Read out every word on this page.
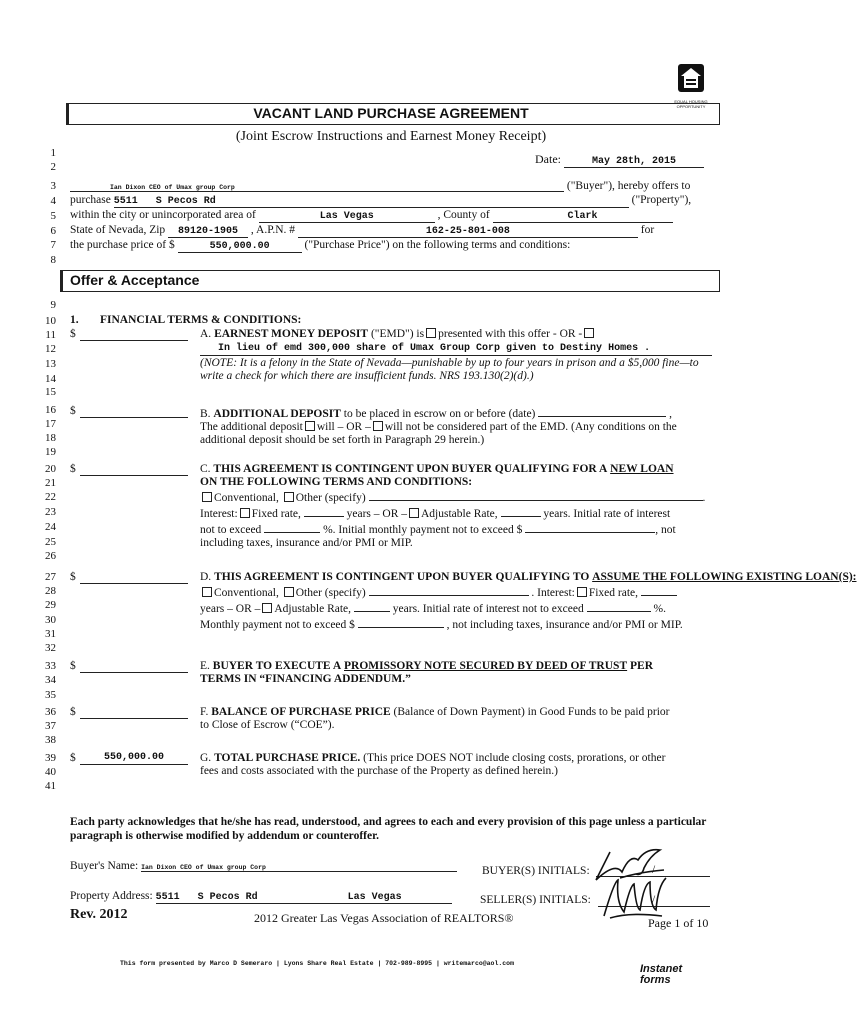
EQUAL HOUSING OPPORTUNITY
VACANT LAND PURCHASE AGREEMENT
(Joint Escrow Instructions and Earnest Money Receipt)
1
2
3
4
5
6
7
8
9
10
11
12
13
14
15
16
17
18
19
20
21
22
23
24
25
26
27
28
29
30
31
32
33
34
35
36
37
38
39
40
41
Date:	May 28th, 2015
Ian Dixon CEO of Umax group Corp	("Buyer"), hereby offers to
purchase 5511   S Pecos Rd	("Property"),
within the city or unincorporated area of	Las Vegas	, County of	Clark
State of Nevada, Zip 89120-1905 , A.P.N. #	162-25-801-008	for
the purchase price of $	550,000.00	("Purchase Price") on the following terms and conditions:
Offer & Acceptance
1. FINANCIAL TERMS & CONDITIONS:
$	A. EARNEST MONEY DEPOSIT ("EMD") is presented with this offer - OR -
In lieu of emd 300,000 share of Umax Group Corp given to Destiny Homes .
(NOTE: It is a felony in the State of Nevada—punishable by up to four years in prison and a $5,000 fine—to write a check for which there are insufficient funds. NRS 193.130(2)(d).)
$	B. ADDITIONAL DEPOSIT to be placed in escrow on or before (date)	,
The additional deposit will – OR – will not be considered part of the EMD. (Any conditions on the
additional deposit should be set forth in Paragraph 29 herein.)
$	C. THIS AGREEMENT IS CONTINGENT UPON BUYER QUALIFYING FOR A NEW LOAN
ON THE FOLLOWING TERMS AND CONDITIONS:
Conventional, Other (specify)	.
Interest: Fixed rate,	years – OR – Adjustable Rate,	years. Initial rate of interest
not to exceed	%. Initial monthly payment not to exceed $	, not
including taxes, insurance and/or PMI or MIP.
$	D. THIS AGREEMENT IS CONTINGENT UPON BUYER QUALIFYING TO ASSUME THE FOLLOWING EXISTING LOAN(S):
Conventional, Other (specify)	. Interest: Fixed rate,
years – OR – Adjustable Rate,	years. Initial rate of interest not to exceed	%.
Monthly payment not to exceed $	, not including taxes, insurance and/or PMI or MIP.
$	E. BUYER TO EXECUTE A PROMISSORY NOTE SECURED BY DEED OF TRUST PER
TERMS IN “FINANCING ADDENDUM.”
$	F. BALANCE OF PURCHASE PRICE (Balance of Down Payment) in Good Funds to be paid prior
to Close of Escrow (“COE”).
$	550,000.00	G. TOTAL PURCHASE PRICE. (This price DOES NOT include closing costs, prorations, or other
fees and costs associated with the purchase of the Property as defined herein.)
Each party acknowledges that he/she has read, understood, and agrees to each and every provision of this page unless a particular paragraph is otherwise modified by addendum or counteroffer.
Buyer's Name: Ian Dixon CEO of Umax group Corp	BUYER(S) INITIALS:	/
Property Address: 5511   S Pecos Rd	Las Vegas	SELLER(S) INITIALS:	/
Rev. 2012	2012 Greater Las Vegas Association of REALTORS®	Page 1 of 10
This form presented by Marco D Semeraro | Lyons Share Real Estate | 702-989-8995 | writemarco@aol.com	Instanet forms
